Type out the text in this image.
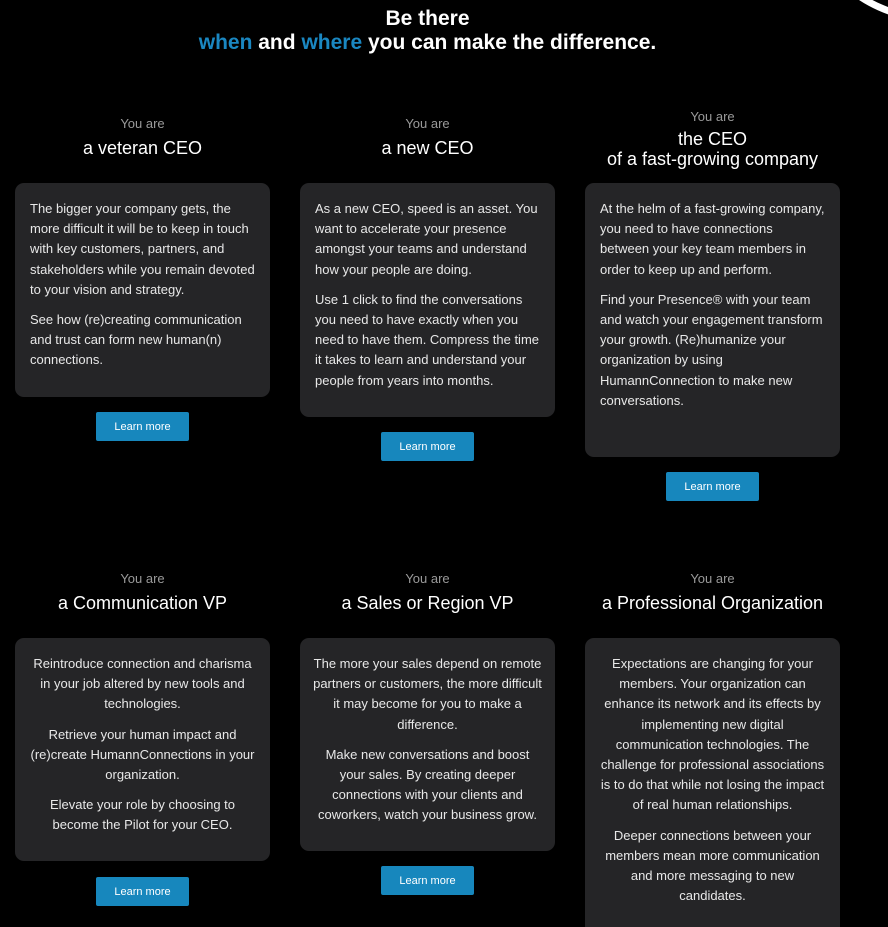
Be there
when and where you can make the difference.
You are
a veteran CEO

The bigger your company gets, the more difficult it will be to keep in touch with key customers, partners, and stakeholders while you remain devoted to your vision and strategy.

See how (re)creating communication and trust can form new human(n) connections.

Learn more
You are
a new CEO

As a new CEO, speed is an asset. You want to accelerate your presence amongst your teams and understand how your people are doing.

Use 1 click to find the conversations you need to have exactly when you need to have them. Compress the time it takes to learn and understand your people from years into months.

Learn more
You are
the CEO
of a fast-growing company

At the helm of a fast-growing company, you need to have connections between your key team members in order to keep up and perform.

Find your Presence® with your team and watch your engagement transform your growth. (Re)humanize your organization by using HumannConnection to make new conversations.

Learn more
You are
a Communication VP

Reintroduce connection and charisma in your job altered by new tools and technologies.

Retrieve your human impact and (re)create HumannConnections in your organization.

Elevate your role by choosing to become the Pilot for your CEO.

Learn more
You are
a Sales or Region VP

The more your sales depend on remote partners or customers, the more difficult it may become for you to make a difference.

Make new conversations and boost your sales. By creating deeper connections with your clients and coworkers, watch your business grow.

Learn more
You are
a Professional Organization

Expectations are changing for your members. Your organization can enhance its network and its effects by implementing new digital communication technologies. The challenge for professional associations is to do that while not losing the impact of real human relationships.

Deeper connections between your members mean more communication and more messaging to new candidates.
